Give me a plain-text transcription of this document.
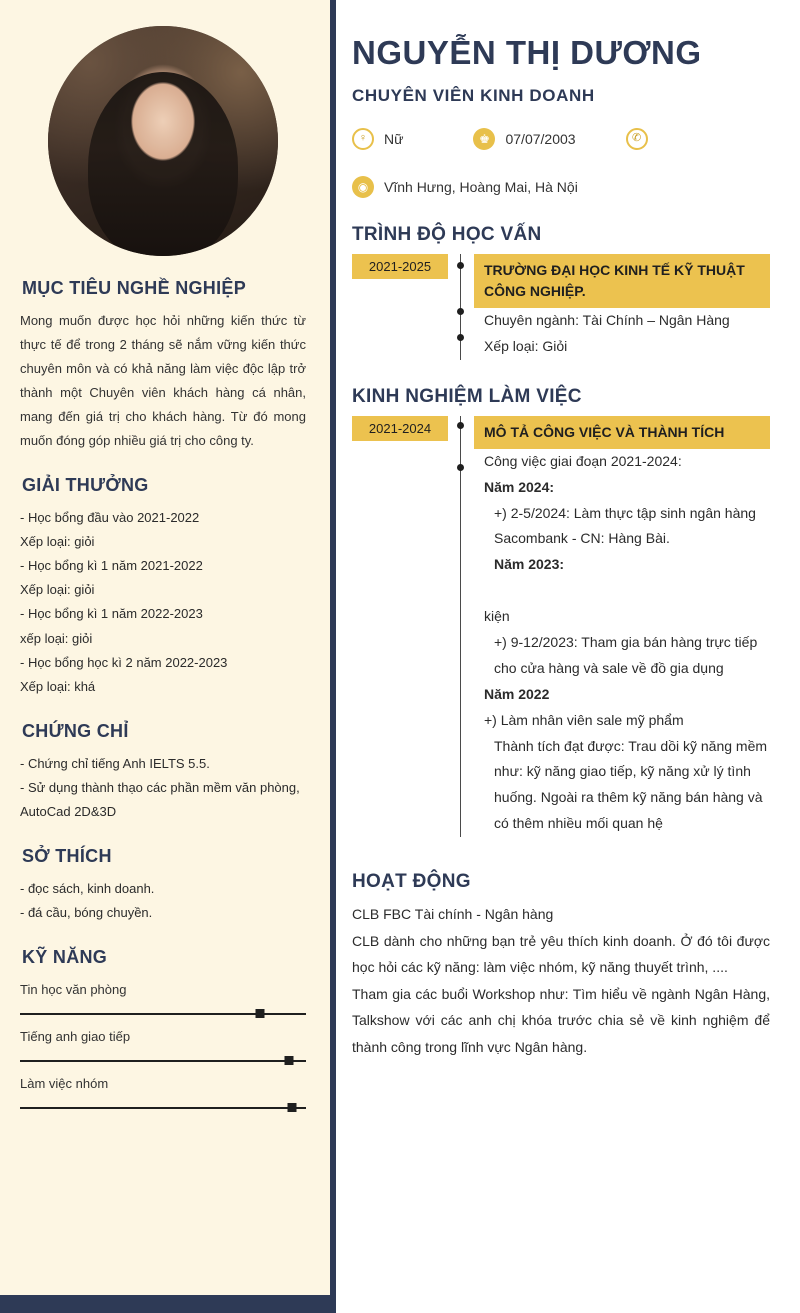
MỤC TIÊU NGHỀ NGHIỆP

Mong muốn được học hỏi những kiến thức từ thực tế để trong 2 tháng sẽ nắm vững kiến thức chuyên môn và có khả năng làm việc độc lập trở thành một Chuyên viên khách hàng cá nhân, mang đến giá trị cho khách hàng. Từ đó mong muốn đóng góp nhiều giá trị cho công ty.

GIẢI THƯỞNG
- Học bổng đầu vào 2021-2022
Xếp loại: giỏi
- Học bổng kì 1 năm 2021-2022
Xếp loại: giỏi
- Học bổng kì 1 năm 2022-2023
xếp loại: giỏi
- Học bổng học kì 2 năm 2022-2023
Xếp loại: khá
CHỨNG CHỈ
- Chứng chỉ tiếng Anh IELTS 5.5.
- Sử dụng thành thạo các phần mềm văn phòng, AutoCad 2D&3D
SỞ THÍCH
- đọc sách, kinh doanh.
- đá cầu, bóng chuyền.
KỸ NĂNG
Tin học văn phòng
Tiếng anh giao tiếp
Làm việc nhóm
NGUYỄN THỊ DƯƠNG
CHUYÊN VIÊN KINH DOANH
♀	Nữ	♚	07/07/2003	✆
◉	Vĩnh Hưng, Hoàng Mai, Hà Nội
TRÌNH ĐỘ HỌC VẤN
2021-2025	TRƯỜNG ĐẠI HỌC KINH TẾ KỸ THUẬT CÔNG NGHIỆP.
Chuyên ngành: Tài Chính – Ngân Hàng
Xếp loại: Giỏi
KINH NGHIỆM LÀM VIỆC
2021-2024	MÔ TẢ CÔNG VIỆC VÀ THÀNH TÍCH
Công việc giai đoạn 2021-2024:
Năm 2024:
+) 2-5/2024: Làm thực tập sinh ngân hàng Sacombank - CN: Hàng Bài.
Năm 2023:

kiện
+) 9-12/2023: Tham gia bán hàng trực tiếp cho cửa hàng và sale về đồ gia dụng
Năm 2022
+) Làm nhân viên sale mỹ phẩm
Thành tích đạt được: Trau dồi kỹ năng mềm như: kỹ năng giao tiếp, kỹ năng xử lý tình huống. Ngoài ra thêm kỹ năng bán hàng và có thêm nhiều mối quan hệ
HOẠT ĐỘNG

CLB FBC Tài chính - Ngân hàng

CLB dành cho những bạn trẻ yêu thích kinh doanh. Ở đó tôi được học hỏi các kỹ năng: làm việc nhóm, kỹ năng thuyết trình, ....

Tham gia các buổi Workshop như: Tìm hiểu về ngành Ngân Hàng, Talkshow với các anh chị khóa trước chia sẻ về kinh nghiệm để thành công trong lĩnh vực Ngân hàng.
